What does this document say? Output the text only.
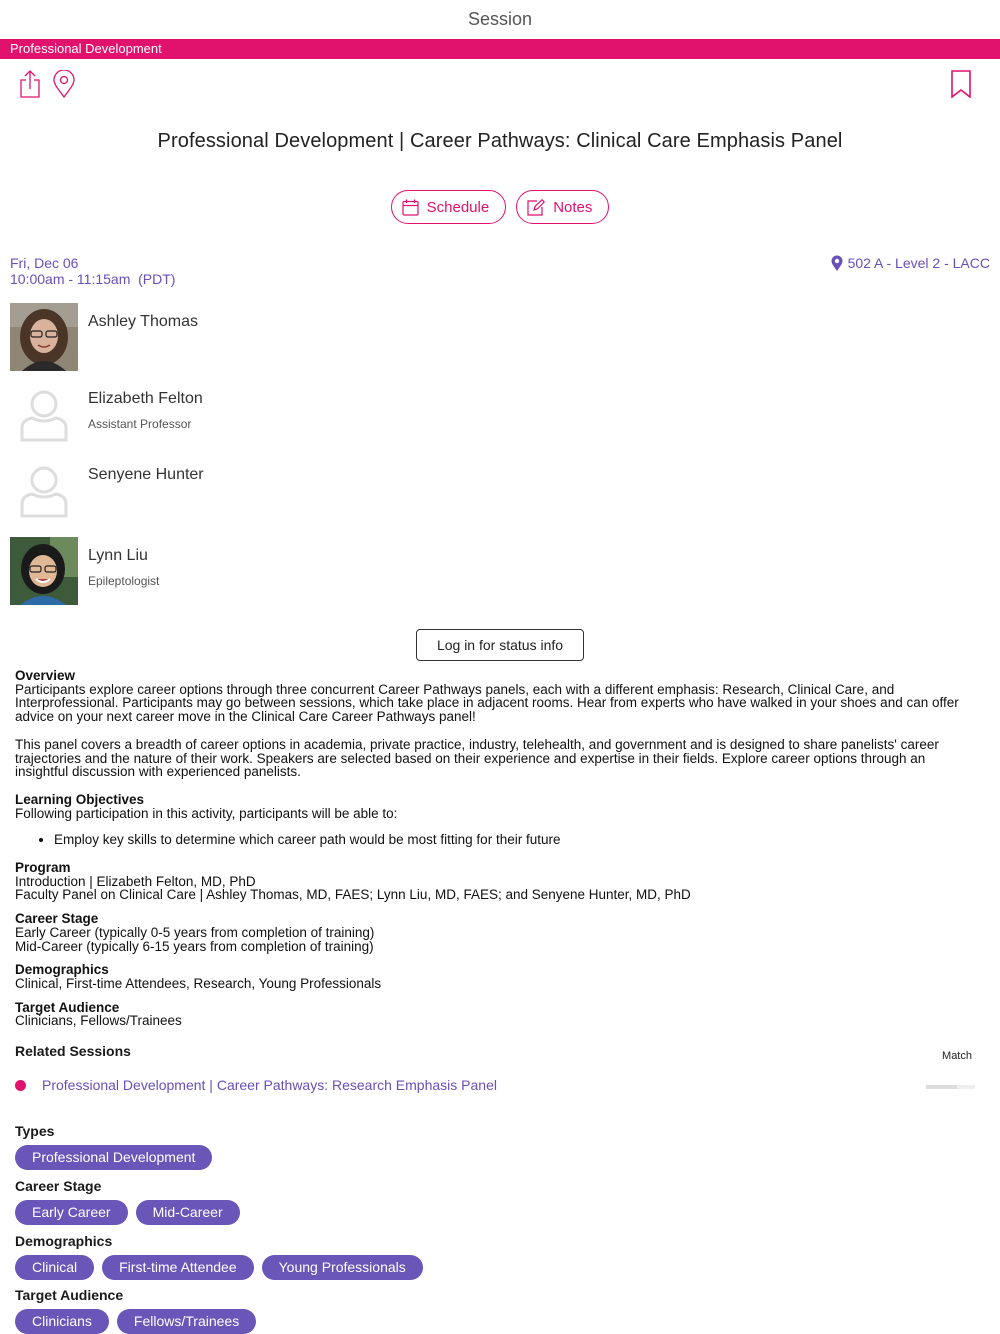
Session
Professional Development
Professional Development | Career Pathways: Clinical Care Emphasis Panel
Schedule	Notes
Fri, Dec 06
10:00am - 11:15am  (PDT)
502 A - Level 2 - LACC
Ashley Thomas
Elizabeth Felton
Assistant Professor
Senyene Hunter
Lynn Liu
Epileptologist
Log in for status info

Overview

Participants explore career options through three concurrent Career Pathways panels, each with a different emphasis: Research, Clinical Care, and Interprofessional. Participants may go between sessions, which take place in adjacent rooms. Hear from experts who have walked in your shoes and can offer advice on your next career move in the Clinical Care Career Pathways panel!

This panel covers a breadth of career options in academia, private practice, industry, telehealth, and government and is designed to share panelists' career trajectories and the nature of their work. Speakers are selected based on their experience and expertise in their fields. Explore career options through an insightful discussion with experienced panelists.

Learning Objectives

Following participation in this activity, participants will be able to:

• Employ key skills to determine which career path would be most fitting for their future

Program

Introduction | Elizabeth Felton, MD, PhD

Faculty Panel on Clinical Care | Ashley Thomas, MD, FAES; Lynn Liu, MD, FAES; and Senyene Hunter, MD, PhD

Career Stage

Early Career (typically 0-5 years from completion of training)

Mid-Career (typically 6-15 years from completion of training)

Demographics

Clinical, First-time Attendees, Research, Young Professionals

Target Audience

Clinicians, Fellows/Trainees

Related Sessions	Match
Professional Development | Career Pathways: Research Emphasis Panel
Types
Professional Development
Career Stage
Early Career	Mid-Career
Demographics
Clinical	First-time Attendee	Young Professionals
Target Audience
Clinicians	Fellows/Trainees
